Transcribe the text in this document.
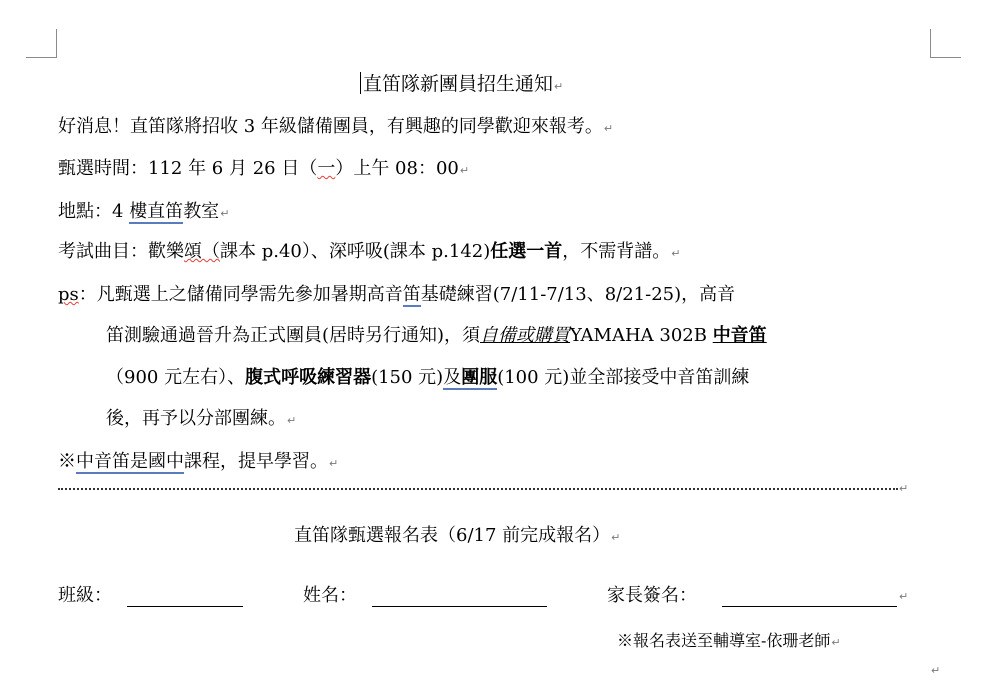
直笛隊新團員招生通知↵
好消息！直笛隊將招收 3 年級儲備團員，有興趣的同學歡迎來報考。↵
甄選時間：112 年 6 月 26 日（一）上午 08：00↵
地點：4 樓直笛教室↵
考試曲目：歡樂頌（課本 p.40）、深呼吸(課本 p.142)任選一首，不需背譜。↵
ps：凡甄選上之儲備同學需先參加暑期高音笛基礎練習(7/11-7/13、8/21-25)，高音
笛測驗通過晉升為正式團員(居時另行通知)，須自備或購買YAMAHA 302B 中音笛
（900 元左右）、腹式呼吸練習器(150 元)及團服(100 元)並全部接受中音笛訓練
後，再予以分部團練。↵
※中音笛是國中課程，提早學習。↵
↵
直笛隊甄選報名表（6/17 前完成報名）↵
班級：	姓名：	家長簽名：	↵
※報名表送至輔導室-依珊老師↵
↵
